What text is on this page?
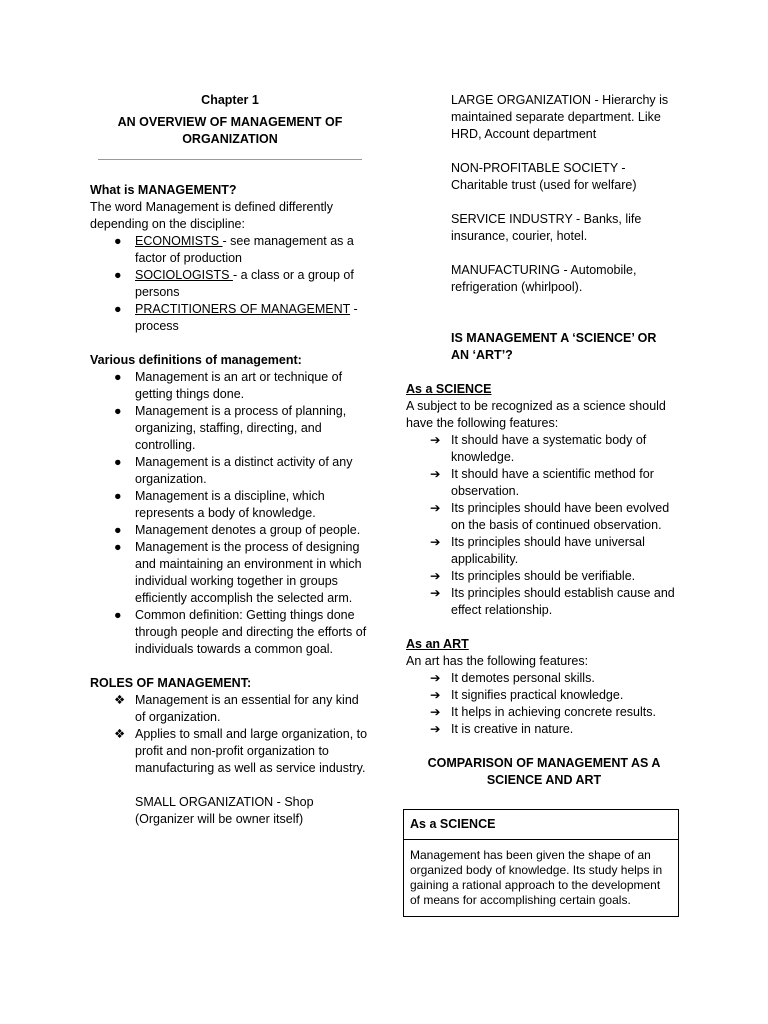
Chapter 1

AN OVERVIEW OF MANAGEMENT OF

ORGANIZATION

What is MANAGEMENT?

The word Management is defined differently depending on the discipline:

● ECONOMISTS - see management as a factor of production
● SOCIOLOGISTS - a class or a group of persons
● PRACTITIONERS OF MANAGEMENT - process

Various definitions of management:

● Management is an art or technique of getting things done.
● Management is a process of planning, organizing, staffing, directing, and controlling.
● Management is a distinct activity of any organization.
● Management is a discipline, which represents a body of knowledge.
● Management denotes a group of people.
● Management is the process of designing and maintaining an environment in which individual working together in groups efficiently accomplish the selected arm.
● Common definition: Getting things done through people and directing the efforts of individuals towards a common goal.

ROLES OF MANAGEMENT:

❖ Management is an essential for any kind of organization.
❖ Applies to small and large organization, to profit and non-profit organization to manufacturing as well as service industry.

SMALL ORGANIZATION - Shop (Organizer will be owner itself)

LARGE ORGANIZATION - Hierarchy is maintained separate department. Like HRD, Account department

NON-PROFITABLE SOCIETY - Charitable trust (used for welfare)

SERVICE INDUSTRY - Banks, life insurance, courier, hotel.

MANUFACTURING - Automobile, refrigeration (whirlpool).

IS MANAGEMENT A ‘SCIENCE’ OR

AN ‘ART’?

As a SCIENCE

A subject to be recognized as a science should have the following features:

➔ It should have a systematic body of knowledge.
➔ It should have a scientific method for observation.
➔ Its principles should have been evolved on the basis of continued observation.
➔ Its principles should have universal applicability.
➔ Its principles should be verifiable.
➔ Its principles should establish cause and effect relationship.

As an ART

An art has the following features:

➔ It demotes personal skills.
➔ It signifies practical knowledge.
➔ It helps in achieving concrete results.
➔ It is creative in nature.

COMPARISON OF MANAGEMENT AS A

SCIENCE AND ART

As a SCIENCE
Management has been given the shape of an organized body of knowledge. Its study helps in gaining a rational approach to the development of means for accomplishing certain goals.
